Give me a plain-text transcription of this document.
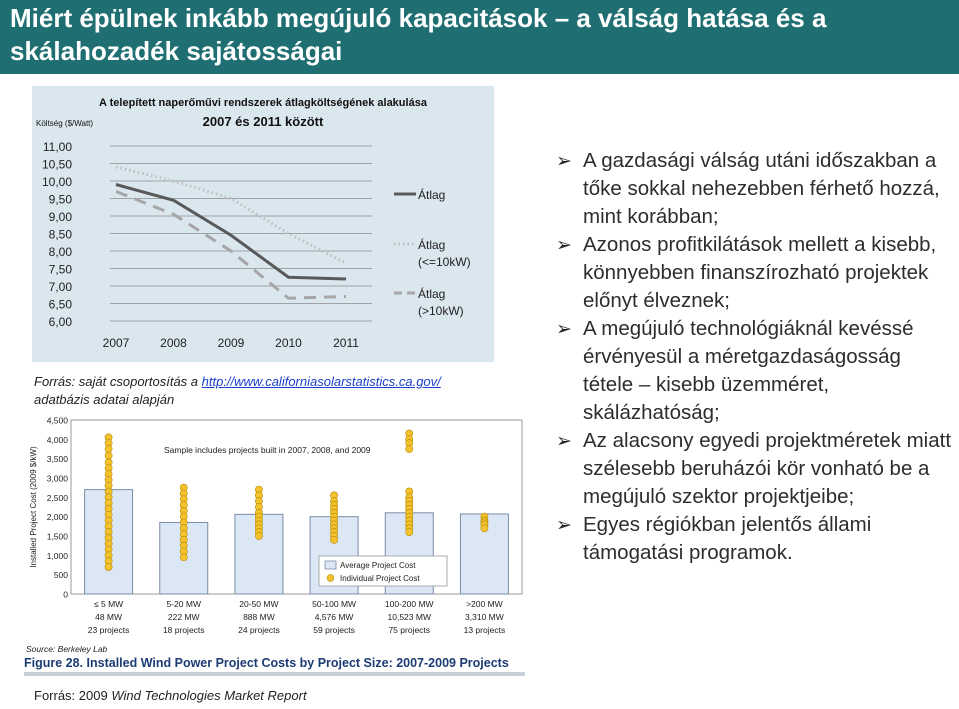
Miért épülnek inkább megújuló kapacitások – a válság hatása és a skálahozadék sajátosságai
A telepített naperőművi rendszerek átlagköltségének alakulása
2007 és 2011 között
Költség ($/Watt)
11,00
10,50
10,00
9,50
9,00
8,50
8,00
7,50
7,00
6,50
6,00
2007	2008	2009	2010	2011
Átlag
Átlag
(<=10kW)
Átlag
(>10kW)
Forrás: saját csoportosítás a http://www.californiasolarstatistics.ca.gov/
adatbázis adatai alapján
4,500
4,000
3,500
3,000
2,500
2,000
1,500
1,000
500
0
Installed Project Cost (2009 $/kW)
≤ 5 MW
48 MW
23 projects
5-20 MW
222 MW
18 projects
20-50 MW
888 MW
24 projects
50-100 MW
4,576 MW
59 projects
100-200 MW
10,523 MW
75 projects
>200 MW
3,310 MW
13 projects
Sample includes projects built in 2007, 2008, and 2009
Average Project Cost
Individual Project Cost
Source: Berkeley Lab
Figure 28. Installed Wind Power Project Costs by Project Size: 2007-2009 Projects
Forrás: 2009 Wind Technologies Market Report

➢ A gazdasági válság utáni időszakban a tőke sokkal nehezebben férhető hozzá, mint korábban;

➢ Azonos profitkilátások mellett a kisebb, könnyebben finanszírozható projektek előnyt élveznek;

➢ A megújuló technológiáknál kevéssé érvényesül a méretgazdaságosság tétele – kisebb üzemméret, skálázhatóság;

➢ Az alacsony egyedi projektméretek miatt szélesebb beruházói kör vonható be a megújuló szektor projektjeibe;

➢ Egyes régiókban jelentős állami támogatási programok.
